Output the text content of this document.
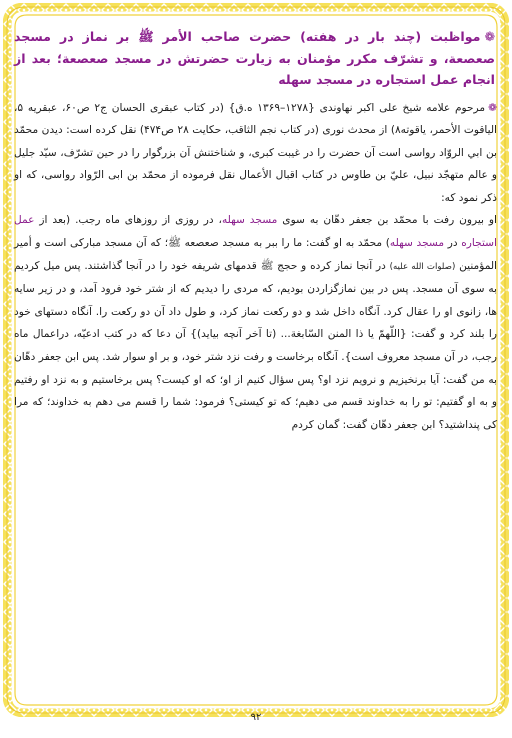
❁مواظبت (چند بار در هفته) حضرت صاحب الأمر ﷺ بر نماز در مسجد صعصعة، و تشرّف مکرر مؤمنان به زیارت حضرتش در مسجد صعصعة؛ بعد از انجام عمل استجاره در مسجد سهله

❁مرحوم علامه شیخ علی اکبر نهاوندی {۱۲۷۸–۱۳۶۹ ه.ق} (در کتاب عبقری الحسان ج۲ ص۶۰، عبقریه ۵، الیاقوت الأحمر، یاقوته۸) از محدث نوری (در کتاب نجم الثاقب، حکایت ۲۸ ص۴۷۴) نقل کرده است: دیدن محمّد بن ابي الروّاد رواسی است آن حضرت را در غیبت کبری، و شناختنش آن بزرگوار را در حین تشرّف، سیّد جلیل و عالم متهجّد نبیل، عليّ بن طاوس در کتاب اقبال الأعمال نقل فرموده از محمّد بن ابی الرّواد رواسی، که او ذکر نمود که:

او بیرون رفت با محمّد بن جعفر دهّان به سوی مسجد سهله، در روزی از روزهای ماه رجب. (بعد از عمل استجاره در مسجد سهله) محمّد به او گفت: ما را ببر به مسجد صعصعه ﷺ؛ که آن مسجد مبارکی است و أمیر المؤمنین (صلوات الله علیه) در آنجا نماز کرده و حجج ﷺ قدمهای شریفه خود را در آنجا گذاشتند. پس میل کردیم به سوی آن مسجد. پس در بین نمازگزاردن بودیم، که مردی را دیدیم که از شتر خود فرود آمد، و در زیر سایه ها، زانوی او را عقال کرد. آنگاه داخل شد و دو رکعت نماز کرد، و طول داد آن دو رکعت را. آنگاه دستهای خود را بلند کرد و گفت: {اللّهمّ یا ذا المنن السّابغة... (تا آخر آنچه بیاید)} آن دعا که در کتب ادعیّه، دراعمال ماه رجب، در آن مسجد معروف است}. آنگاه برخاست و رفت نزد شتر خود، و بر او سوار شد. پس ابن جعفر دهّان به من گفت: آیا برنخیزیم و نرویم نزد او؟ پس سؤال کنیم از او؛ که او کیست؟ پس برخاستیم و به نزد او رفتیم و به او گفتیم: تو را به خداوند قسم می دهیم؛ که تو کیستی؟ فرمود: شما را قسم می دهم به خداوند؛ که مرا کی پنداشتید؟ ابن جعفر دهّان گفت: گمان کردم

۹۲
